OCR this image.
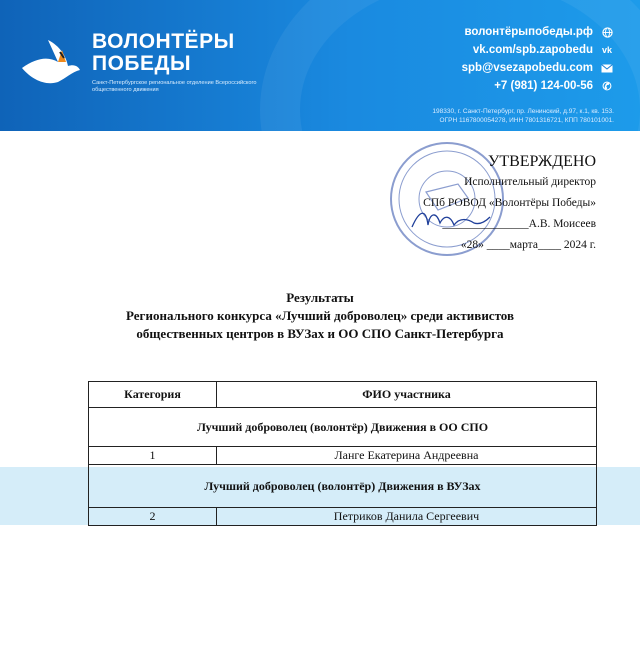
ВОЛОНТЁРЫ
ПОБЕДЫ
Санкт-Петербургское региональное отделение Всероссийского общественного движения
волонтёрыпобеды.рф
vk.com/spb.zapobedu vk
spb@vsezapobedu.com
+7 (981) 124-00-56 ✆
198330, г. Санкт-Петербург, пр. Ленинский, д.97, к.1, кв. 153.
ОГРН 1167800054278, ИНН 7801316721, КПП 780101001.
УТВЕРЖДЕНО
Исполнительный директор
СПб РОВОД «Волонтёры Победы»
_______________А.В. Моисеев
«28» ____марта____ 2024 г.
Результаты
Регионального конкурса «Лучший доброволец» среди активистов
общественных центров в ВУЗах и ОО СПО Санкт-Петербурга
Категория	ФИО участника
Лучший доброволец (волонтёр) Движения в ОО СПО	
1	Ланге Екатерина Андреевна
Лучший доброволец (волонтёр) Движения в ВУЗах	
2	Петриков Данила Сергеевич
